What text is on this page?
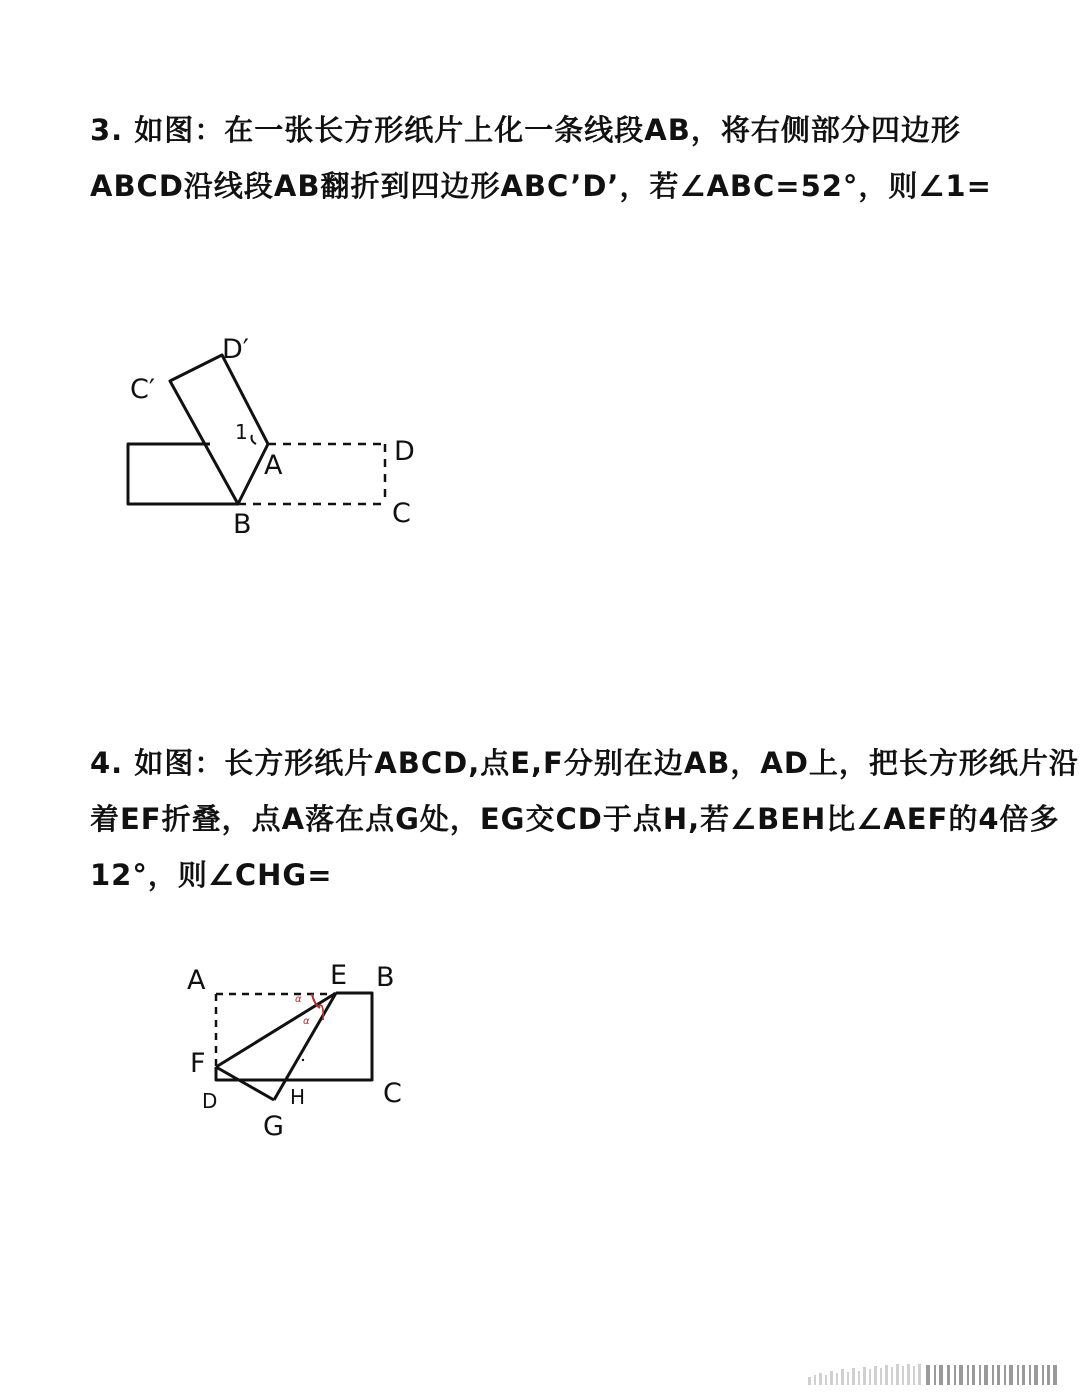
3. 如图：在一张长方形纸片上化一条线段AB，将右侧部分四边形
ABCD沿线段AB翻折到四边形ABC’D’，若∠ABC=52°，则∠1=
C′
D′
1
A	D
B	C
4. 如图：长方形纸片ABCD,点E,F分别在边AB，AD上，把长方形纸片沿
着EF折叠，点A落在点G处，EG交CD于点H,若∠BEH比∠AEF的4倍多
12°，则∠CHG=
α
α
A	E B
F
D	H	C
G
